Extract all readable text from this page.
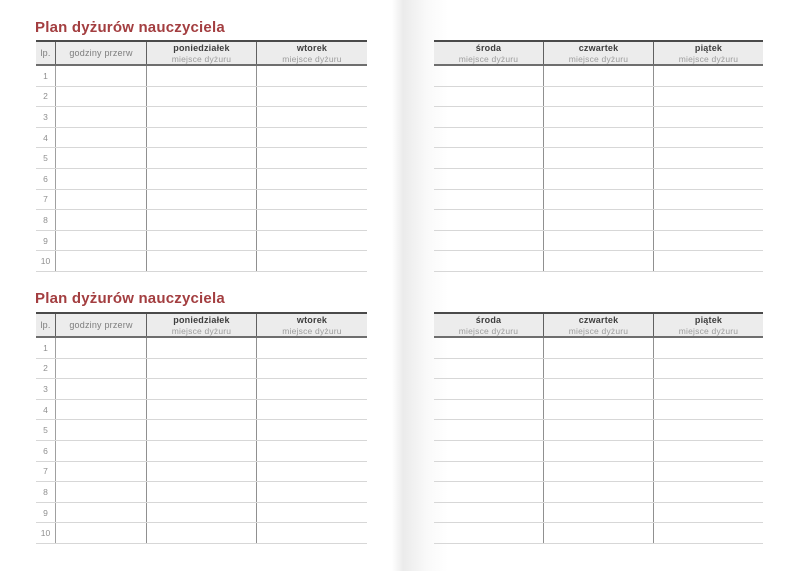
Plan dyżurów nauczyciela
lp.	godziny przerw
poniedziałek
miejsce dyżuru
wtorek
miejsce dyżuru
1
2
3
4
5
6
7
8
9
10
Plan dyżurów nauczyciela
lp.	godziny przerw
poniedziałek
miejsce dyżuru
wtorek
miejsce dyżuru
1
2
3
4
5
6
7
8
9
10
środa
miejsce dyżuru
czwartek
miejsce dyżuru
piątek
miejsce dyżuru
środa
miejsce dyżuru
czwartek
miejsce dyżuru
piątek
miejsce dyżuru
